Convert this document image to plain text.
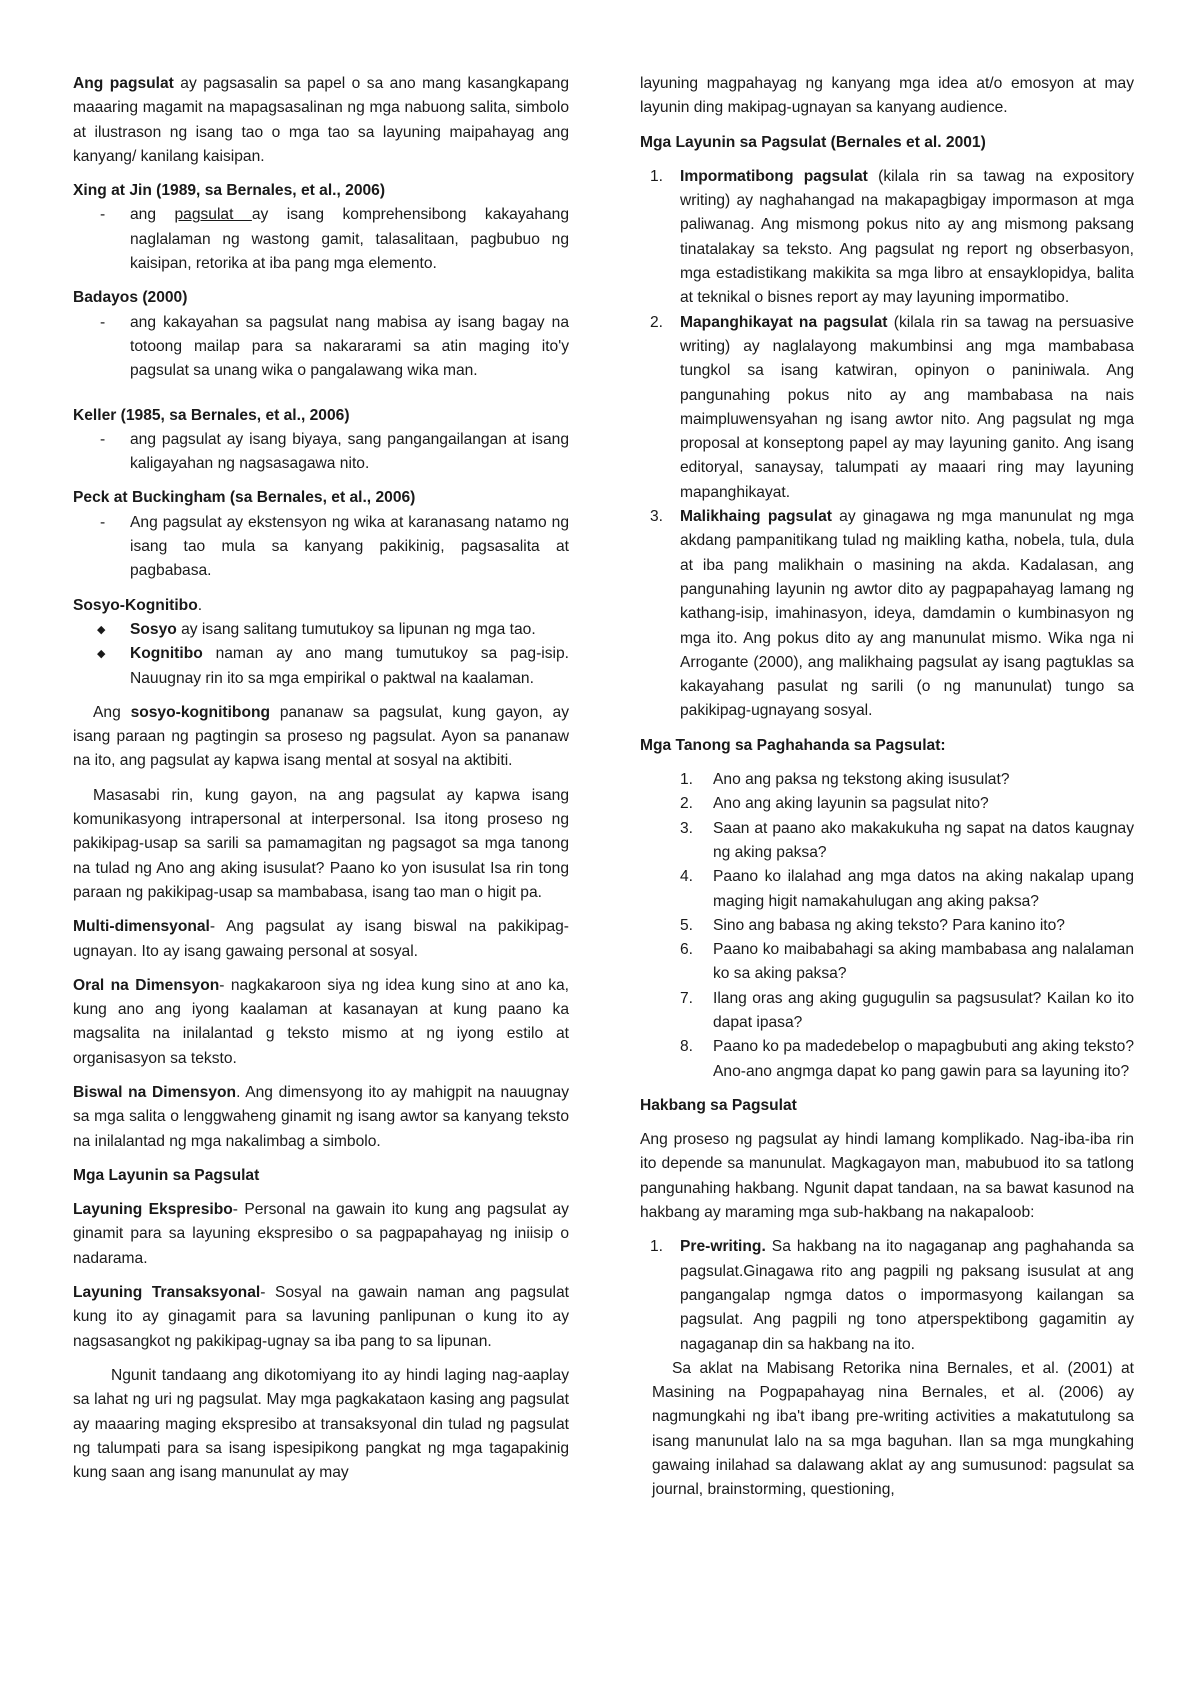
Ang pagsulat ay pagsasalin sa papel o sa ano mang kasangkapang maaaring magamit na mapagsasalinan ng mga nabuong salita, simbolo at ilustrason ng isang tao o mga tao sa layuning maipahayag ang kanyang/ kanilang kaisipan.

Xing at Jin (1989, sa Bernales, et al., 2006)
- ang pagsulat ay isang komprehensibong kakayahang naglalaman ng wastong gamit, talasalitaan, pagbubuo ng kaisipan, retorika at iba pang mga elemento.
Badayos (2000)
- ang kakayahan sa pagsulat nang mabisa ay isang bagay na totoong mailap para sa nakararami sa atin maging ito'y pagsulat sa unang wika o pangalawang wika man.
Keller (1985, sa Bernales, et al., 2006)
- ang pagsulat ay isang biyaya, sang pangangailangan at isang kaligayahan ng nagsasagawa nito.
Peck at Buckingham (sa Bernales, et al., 2006)
- Ang pagsulat ay ekstensyon ng wika at karanasang natamo ng isang tao mula sa kanyang pakikinig, pagsasalita at pagbabasa.
Sosyo-Kognitibo.
◆ Sosyo ay isang salitang tumutukoy sa lipunan ng mga tao.
◆ Kognitibo naman ay ano mang tumutukoy sa pag-isip. Nauugnay rin ito sa mga empirikal o paktwal na kaalaman.

Ang sosyo-kognitibong pananaw sa pagsulat, kung gayon, ay isang paraan ng pagtingin sa proseso ng pagsulat. Ayon sa pananaw na ito, ang pagsulat ay kapwa isang mental at sosyal na aktibiti.

Masasabi rin, kung gayon, na ang pagsulat ay kapwa isang komunikasyong intrapersonal at interpersonal. Isa itong proseso ng pakikipag-usap sa sarili sa pamamagitan ng pagsagot sa mga tanong na tulad ng Ano ang aking isusulat? Paano ko yon isusulat Isa rin tong paraan ng pakikipag-usap sa mambabasa, isang tao man o higit pa.

Multi-dimensyonal- Ang pagsulat ay isang biswal na pakikipag-ugnayan. Ito ay isang gawaing personal at sosyal.

Oral na Dimensyon- nagkakaroon siya ng idea kung sino at ano ka, kung ano ang iyong kaalaman at kasanayan at kung paano ka magsalita na inilalantad g teksto mismo at ng iyong estilo at organisasyon sa teksto.

Biswal na Dimensyon. Ang dimensyong ito ay mahigpit na nauugnay sa mga salita o lenggwaheng ginamit ng isang awtor sa kanyang teksto na inilalantad ng mga nakalimbag a simbolo.

Mga Layunin sa Pagsulat

Layuning Ekspresibo- Personal na gawain ito kung ang pagsulat ay ginamit para sa layuning ekspresibo o sa pagpapahayag ng iniisip o nadarama.

Layuning Transaksyonal- Sosyal na gawain naman ang pagsulat kung ito ay ginagamit para sa lavuning panlipunan o kung ito ay nagsasangkot ng pakikipag-ugnay sa iba pang to sa lipunan.

Ngunit tandaang ang dikotomiyang ito ay hindi laging nag-aaplay sa lahat ng uri ng pagsulat. May mga pagkakataon kasing ang pagsulat ay maaaring maging ekspresibo at transaksyonal din tulad ng pagsulat ng talumpati para sa isang ispesipikong pangkat ng mga tagapakinig kung saan ang isang manunulat ay may

layuning magpahayag ng kanyang mga idea at/o emosyon at may layunin ding makipag-ugnayan sa kanyang audience.

Mga Layunin sa Pagsulat (Bernales et al. 2001)

1. Impormatibong pagsulat (kilala rin sa tawag na expository writing) ay naghahangad na makapagbigay impormason at mga paliwanag. Ang mismong pokus nito ay ang mismong paksang tinatalakay sa teksto. Ang pagsulat ng report ng obserbasyon, mga estadistikang makikita sa mga libro at ensayklopidya, balita at teknikal o bisnes report ay may layuning impormatibo.
2. Mapanghikayat na pagsulat (kilala rin sa tawag na persuasive writing) ay naglalayong makumbinsi ang mga mambabasa tungkol sa isang katwiran, opinyon o paniniwala. Ang pangunahing pokus nito ay ang mambabasa na nais maimpluwensyahan ng isang awtor nito. Ang pagsulat ng mga proposal at konseptong papel ay may layuning ganito. Ang isang editoryal, sanaysay, talumpati ay maaari ring may layuning mapanghikayat.
3. Malikhaing pagsulat ay ginagawa ng mga manunulat ng mga akdang pampanitikang tulad ng maikling katha, nobela, tula, dula at iba pang malikhain o masining na akda. Kadalasan, ang pangunahing layunin ng awtor dito ay pagpapahayag lamang ng kathang-isip, imahinasyon, ideya, damdamin o kumbinasyon ng mga ito. Ang pokus dito ay ang manunulat mismo. Wika nga ni Arrogante (2000), ang malikhaing pagsulat ay isang pagtuklas sa kakayahang pasulat ng sarili (o ng manunulat) tungo sa pakikipag-ugnayang sosyal.

Mga Tanong sa Paghahanda sa Pagsulat:

1. Ano ang paksa ng tekstong aking isusulat?
2. Ano ang aking layunin sa pagsulat nito?
3. Saan at paano ako makakukuha ng sapat na datos kaugnay ng aking paksa?
4. Paano ko ilalahad ang mga datos na aking nakalap upang maging higit namakahulugan ang aking paksa?
5. Sino ang babasa ng aking teksto? Para kanino ito?
6. Paano ko maibabahagi sa aking mambabasa ang nalalaman ko sa aking paksa?
7. Ilang oras ang aking gugugulin sa pagsusulat? Kailan ko ito dapat ipasa?
8. Paano ko pa madedebelop o mapagbubuti ang aking teksto? Ano-ano angmga dapat ko pang gawin para sa layuning ito?

Hakbang sa Pagsulat

Ang proseso ng pagsulat ay hindi lamang komplikado. Nag-iba-iba rin ito depende sa manunulat. Magkagayon man, mabubuod ito sa tatlong pangunahing hakbang. Ngunit dapat tandaan, na sa bawat kasunod na hakbang ay maraming mga sub-hakbang na nakapaloob:

1. Pre-writing. Sa hakbang na ito nagaganap ang paghahanda sa pagsulat.Ginagawa rito ang pagpili ng paksang isusulat at ang pangangalap ngmga datos o impormasyong kailangan sa pagsulat. Ang pagpili ng tono atperspektibong gagamitin ay nagaganap din sa hakbang na ito.

Sa aklat na Mabisang Retorika nina Bernales, et al. (2001) at Masining na Pogpapahayag nina Bernales, et al. (2006) ay nagmungkahi ng iba't ibang pre-writing activities a makatutulong sa isang manunulat lalo na sa mga baguhan. Ilan sa mga mungkahing gawaing inilahad sa dalawang aklat ay ang sumusunod: pagsulat sa journal, brainstorming, questioning,
